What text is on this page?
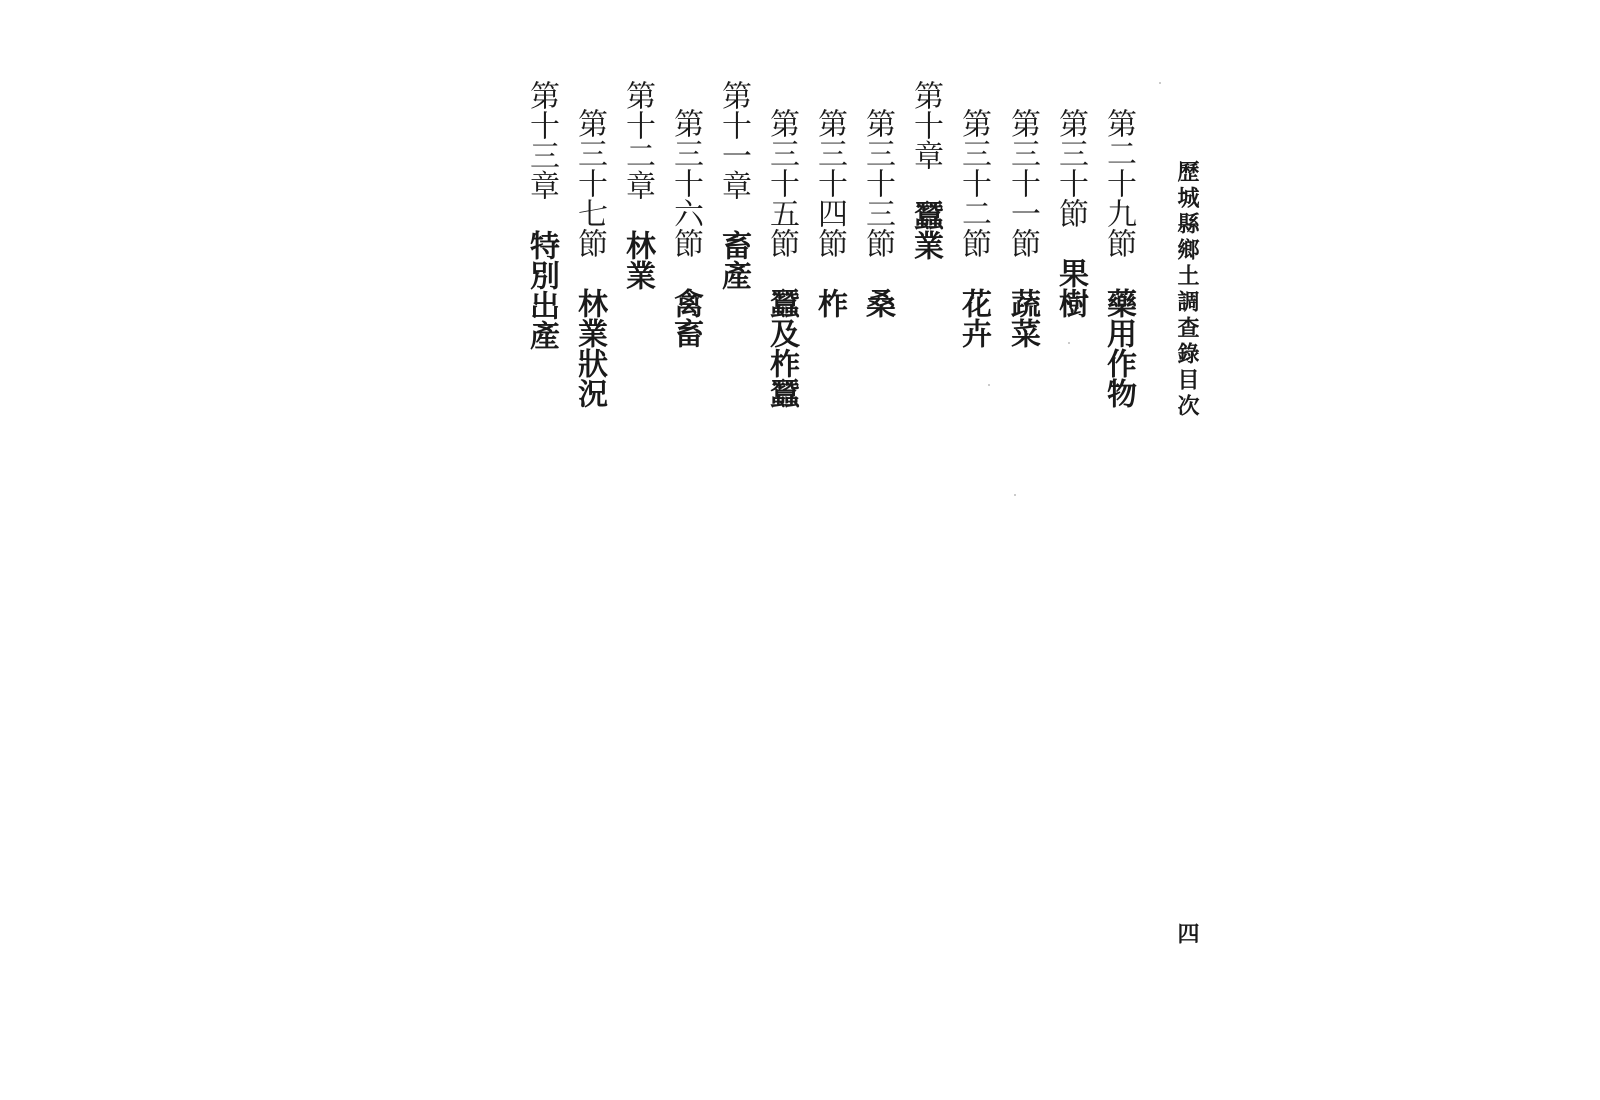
歷城縣鄉土調查錄目次
四
第二十九節藥用作物
第三十節果樹
第三十一節蔬菜
第三十二節花卉
第十章蠶業
第三十三節桑
第三十四節柞
第三十五節蠶及柞蠶
第十一章畜產
第三十六節禽畜
第十二章林業
第三十七節林業狀況
第十三章特別出產
